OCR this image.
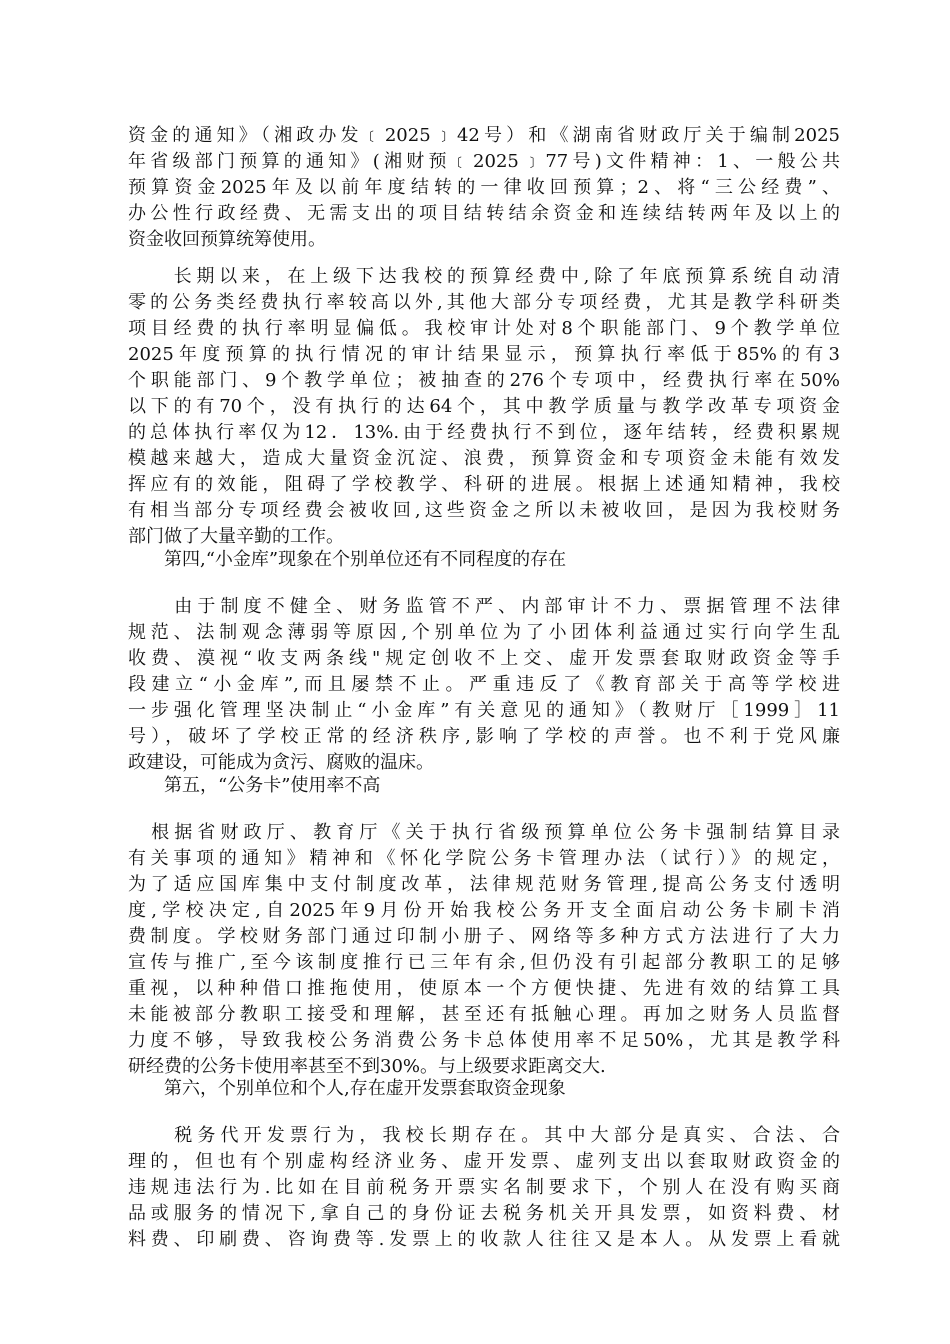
资金的通知》（湘政办发﹝2025﹞42号）和《湖南省财政厅关于编制2025
年省级部门预算的通知》(湘财预﹝2025﹞77号)文件精神：1、一般公共
预算资金2025年及以前年度结转的一律收回预算；2、将“三公经费”、
办公性行政经费、无需支出的项目结转结余资金和连续结转两年及以上的
资金收回预算统筹使用。
　　长期以来，在上级下达我校的预算经费中,除了年底预算系统自动清
零的公务类经费执行率较高以外,其他大部分专项经费，尤其是教学科研类
项目经费的执行率明显偏低。我校审计处对8个职能部门、9个教学单位
2025年度预算的执行情况的审计结果显示，预算执行率低于85%的有3
个职能部门、9个教学单位；被抽查的276个专项中，经费执行率在50%
以下的有70个，没有执行的达64个，其中教学质量与教学改革专项资金
的总体执行率仅为12．13%.由于经费执行不到位，逐年结转，经费积累规
模越来越大，造成大量资金沉淀、浪费，预算资金和专项资金未能有效发
挥应有的效能，阻碍了学校教学、科研的进展。根据上述通知精神，我校
有相当部分专项经费会被收回,这些资金之所以未被收回，是因为我校财务
部门做了大量辛勤的工作。
　　第四,“小金库”现象在个别单位还有不同程度的存在
　　由于制度不健全、财务监管不严、内部审计不力、票据管理不法律
规范、法制观念薄弱等原因,个别单位为了小团体利益通过实行向学生乱
收费、漠视“收支两条线"规定创收不上交、虚开发票套取财政资金等手
段建立“小金库”,而且屡禁不止。严重违反了《教育部关于高等学校进
一步强化管理坚决制止“小金库”有关意见的通知》（教财厅［1999］11
号），破坏了学校正常的经济秩序,影响了学校的声誉。也不利于党风廉
政建设，可能成为贪污、腐败的温床。
　　第五，“公务卡”使用率不高
　根据省财政厅、教育厅《关于执行省级预算单位公务卡强制结算目录
有关事项的通知》精神和《怀化学院公务卡管理办法（试行）》的规定，
为了适应国库集中支付制度改革，法律规范财务管理,提高公务支付透明
度,学校决定,自2025年9月份开始我校公务开支全面启动公务卡刷卡消
费制度。学校财务部门通过印制小册子、网络等多种方式方法进行了大力
宣传与推广,至今该制度推行已三年有余,但仍没有引起部分教职工的足够
重视，以种种借口推拖使用，使原本一个方便快捷、先进有效的结算工具
未能被部分教职工接受和理解，甚至还有抵触心理。再加之财务人员监督
力度不够，导致我校公务消费公务卡总体使用率不足50%，尤其是教学科
研经费的公务卡使用率甚至不到30%。与上级要求距离交大.
　　第六，个别单位和个人,存在虚开发票套取资金现象
　　税务代开发票行为，我校长期存在。其中大部分是真实、合法、合
理的，但也有个别虚构经济业务、虚开发票、虚列支出以套取财政资金的
违规违法行为.比如在目前税务开票实名制要求下，个别人在没有购买商
品或服务的情况下,拿自己的身份证去税务机关开具发票，如资料费、材
料费、印刷费、咨询费等.发票上的收款人往往又是本人。从发票上看就
